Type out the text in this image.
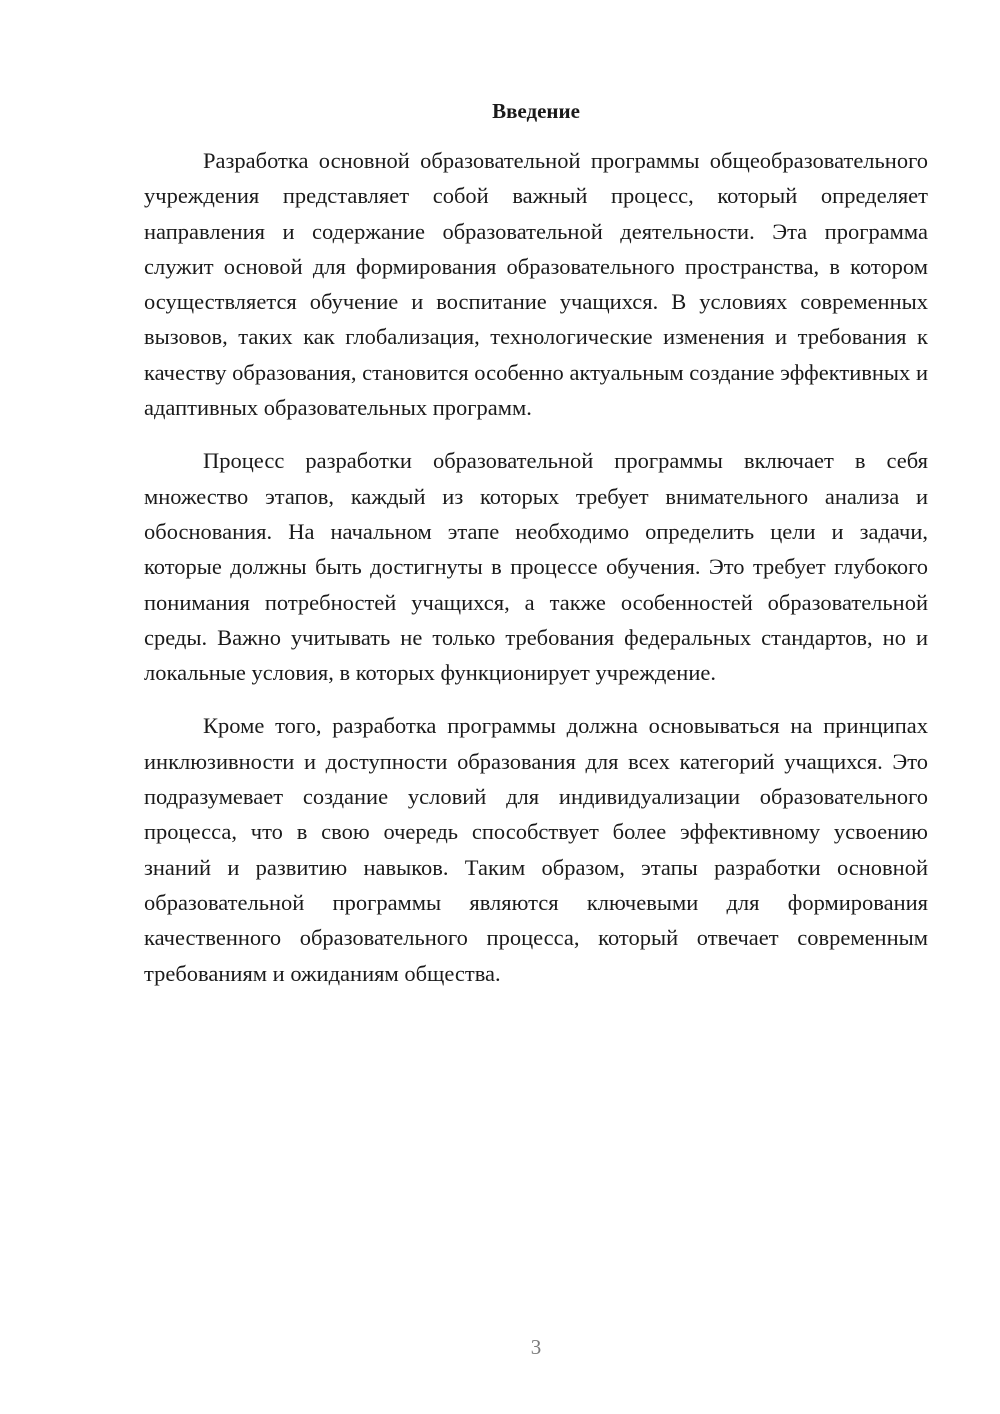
Введение

Разработка основной образовательной программы общеобразовательного учреждения представляет собой важный процесс, который определяет направления и содержание образовательной деятельности. Эта программа служит основой для формирования образовательного пространства, в котором осуществляется обучение и воспитание учащихся. В условиях современных вызовов, таких как глобализация, технологические изменения и требования к качеству образования, становится особенно актуальным создание эффективных и адаптивных образовательных программ.

Процесс разработки образовательной программы включает в себя множество этапов, каждый из которых требует внимательного анализа и обоснования. На начальном этапе необходимо определить цели и задачи, которые должны быть достигнуты в процессе обучения. Это требует глубокого понимания потребностей учащихся, а также особенностей образовательной среды. Важно учитывать не только требования федеральных стандартов, но и локальные условия, в которых функционирует учреждение.

Кроме того, разработка программы должна основываться на принципах инклюзивности и доступности образования для всех категорий учащихся. Это подразумевает создание условий для индивидуализации образовательного процесса, что в свою очередь способствует более эффективному усвоению знаний и развитию навыков. Таким образом, этапы разработки основной образовательной программы являются ключевыми для формирования качественного образовательного процесса, который отвечает современным требованиям и ожиданиям общества.

3
